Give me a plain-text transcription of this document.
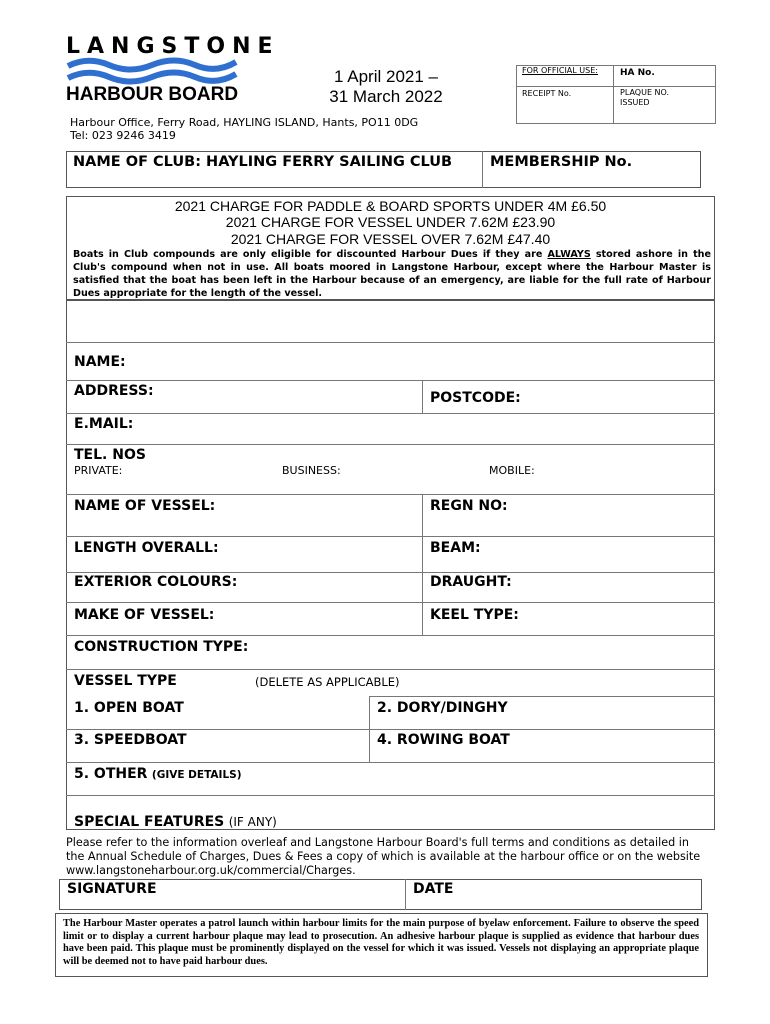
LANGSTONE
HARBOUR BOARD
1 April 2021 –
31 March 2022
FOR OFFICIAL USE: HA No.
RECEIPT No.	PLAQUE NO.
ISSUED
Harbour Office, Ferry Road, HAYLING ISLAND, Hants, PO11 0DG
Tel: 023 9246 3419
NAME OF CLUB: HAYLING FERRY SAILING CLUB	MEMBERSHIP No.
2021 CHARGE FOR PADDLE & BOARD SPORTS UNDER 4M £6.50
2021 CHARGE FOR VESSEL UNDER 7.62M £23.90
2021 CHARGE FOR VESSEL OVER 7.62M £47.40
Boats in Club compounds are only eligible for discounted Harbour Dues if they are ALWAYS stored ashore in the Club's compound when not in use. All boats moored in Langstone Harbour, except where the Harbour Master is satisfied that the boat has been left in the Harbour because of an emergency, are liable for the full rate of Harbour Dues appropriate for the length of the vessel.
NAME:
ADDRESS:	POSTCODE:
E.MAIL:
TEL. NOS
PRIVATE:	BUSINESS:	MOBILE:
NAME OF VESSEL:	REGN NO:
LENGTH OVERALL:	BEAM:
EXTERIOR COLOURS:	DRAUGHT:
MAKE OF VESSEL:	KEEL TYPE:
CONSTRUCTION TYPE:
VESSEL TYPE	(DELETE AS APPLICABLE)
1. OPEN BOAT	2. DORY/DINGHY
3. SPEEDBOAT	4. ROWING BOAT
5. OTHER (GIVE DETAILS)
SPECIAL FEATURES (IF ANY)
Please refer to the information overleaf and Langstone Harbour Board's full terms and conditions as detailed in the Annual Schedule of Charges, Dues & Fees a copy of which is available at the harbour office or on the website www.langstoneharbour.org.uk/commercial/Charges.
SIGNATURE	DATE
The Harbour Master operates a patrol launch within harbour limits for the main purpose of byelaw enforcement. Failure to observe the speed limit or to display a current harbour plaque may lead to prosecution. An adhesive harbour plaque is supplied as evidence that harbour dues have been paid. This plaque must be prominently displayed on the vessel for which it was issued. Vessels not displaying an appropriate plaque will be deemed not to have paid harbour dues.
